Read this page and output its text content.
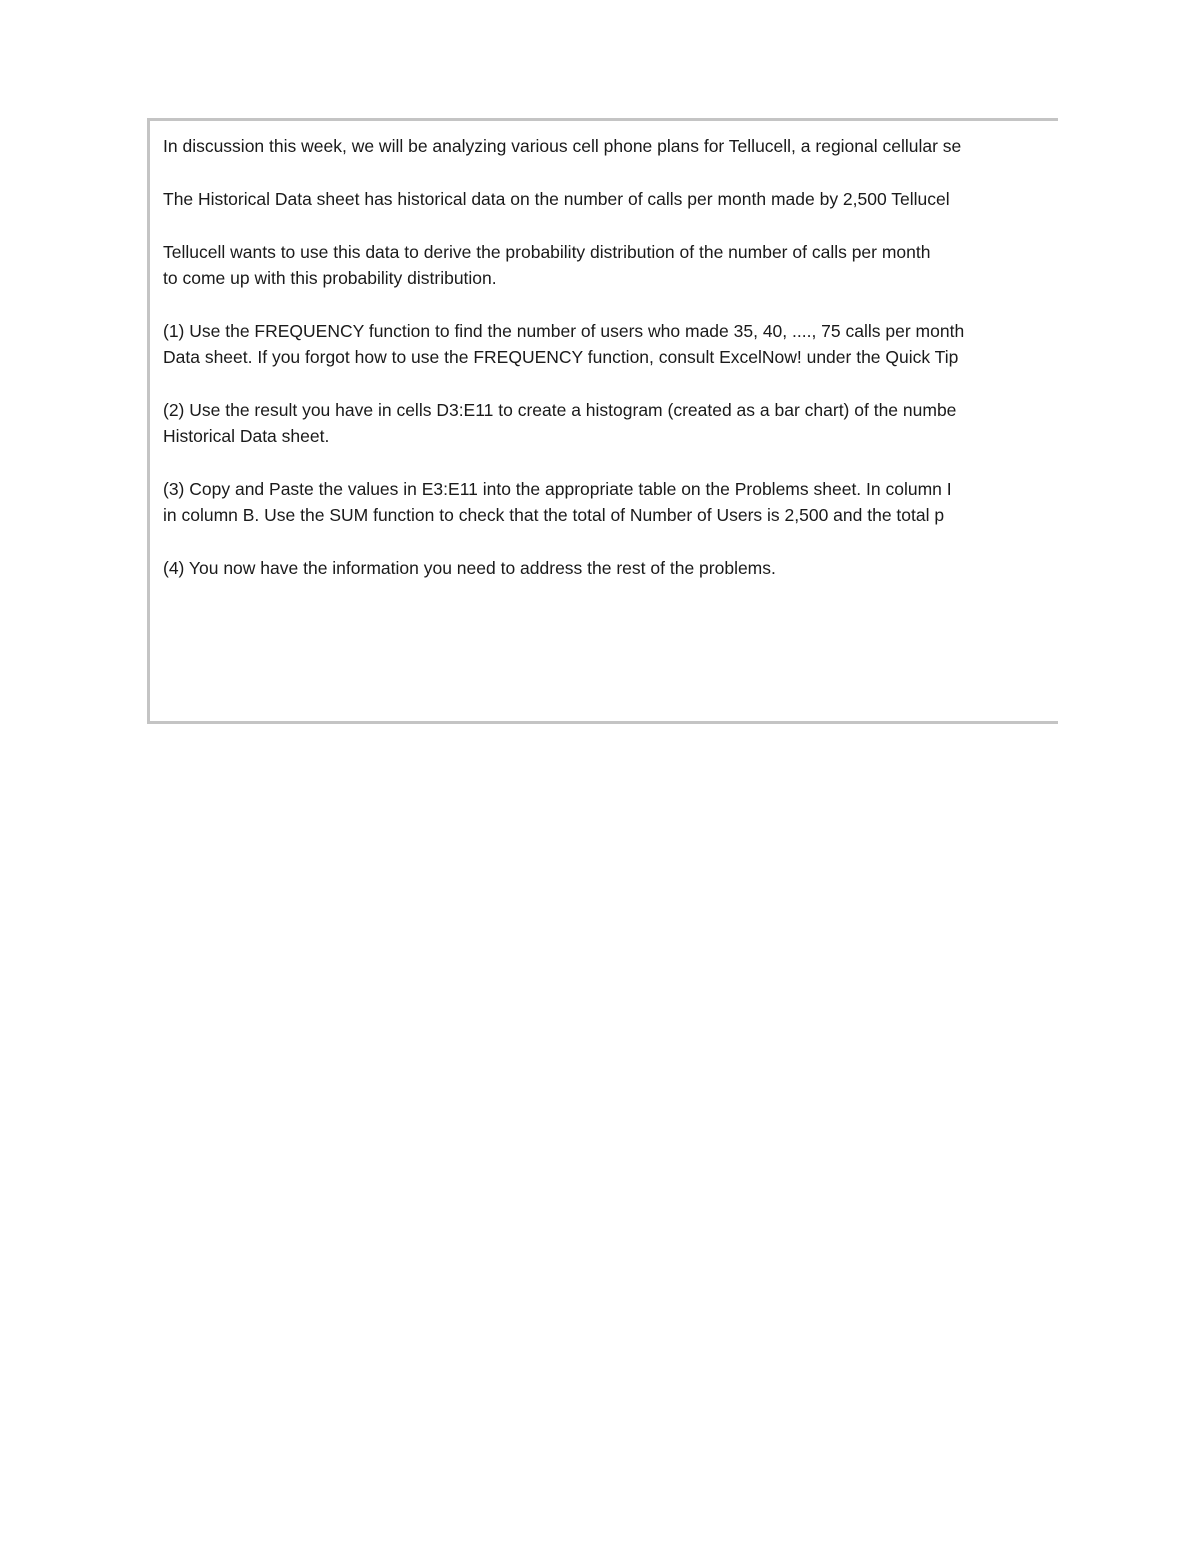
In discussion this week, we will be analyzing various cell phone plans for Tellucell, a regional cellular se

The Historical Data sheet has historical data on the number of calls per month made by 2,500 Tellucel

Tellucell wants to use this data to derive the probability distribution of the number of calls per month
to come up with this probability distribution.

(1) Use the FREQUENCY function to find the number of users who made 35, 40, ...., 75 calls per month
Data sheet. If you forgot how to use the FREQUENCY function, consult ExcelNow! under the Quick Tip

(2) Use the result you have in cells D3:E11 to create a histogram (created as a bar chart) of the numbe
Historical Data sheet.

(3) Copy and Paste the values in E3:E11 into the appropriate table on the Problems sheet. In column I
in column B. Use the SUM function to check that the total of Number of Users is 2,500 and the total p

(4) You now have the information you need to address the rest of the problems.
